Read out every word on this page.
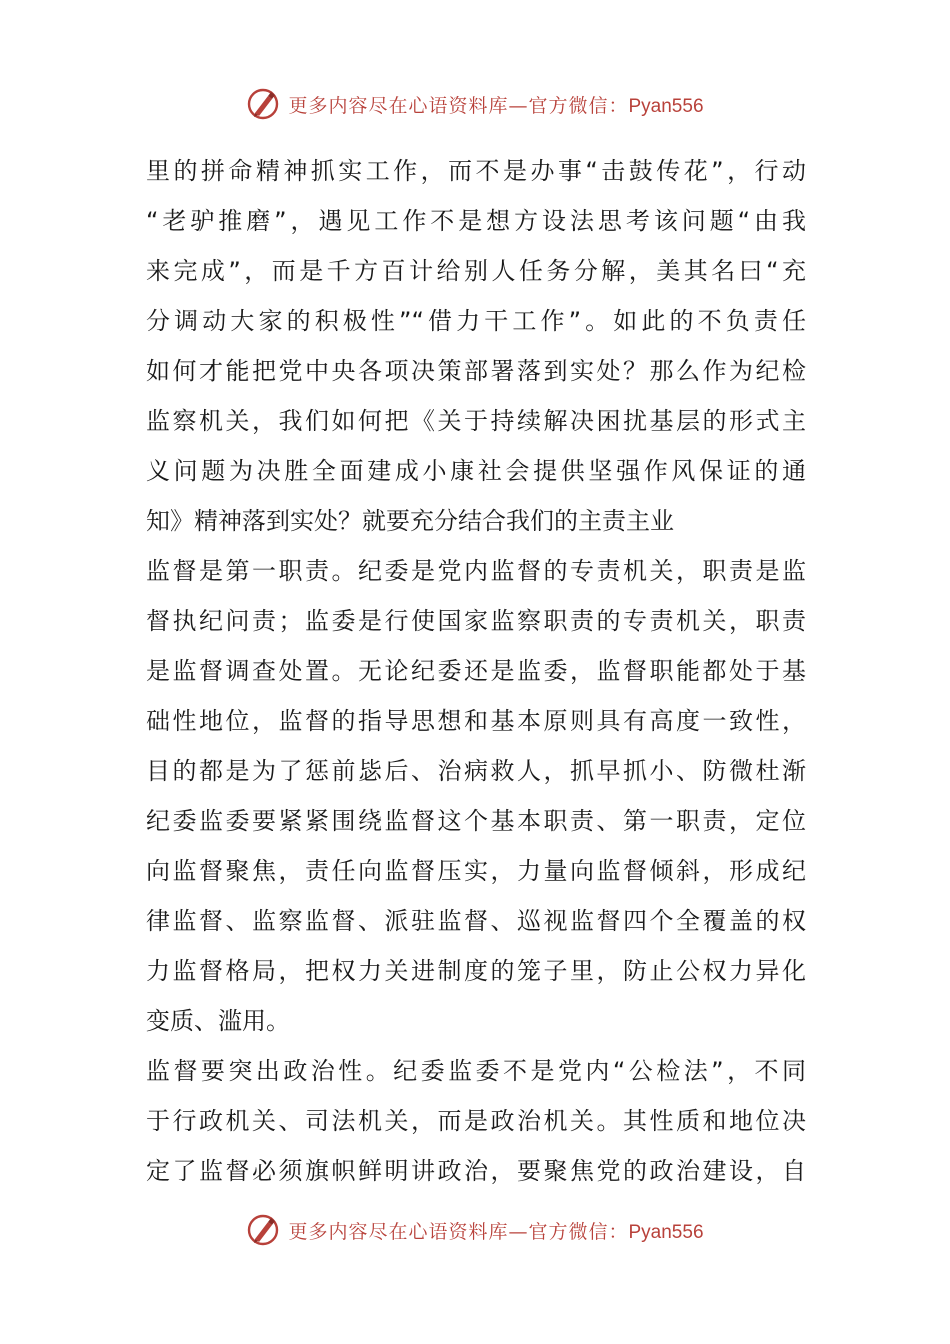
更多内容尽在心语资料库—官方微信：Pyan556
里的拼命精神抓实工作，而不是办事“击鼓传花”，行动
“老驴推磨”，遇见工作不是想方设法思考该问题“由我
来完成”，而是千方百计给别人任务分解，美其名曰“充
分调动大家的积极性”“借力干工作”。如此的不负责任
如何才能把党中央各项决策部署落到实处？那么作为纪检
监察机关，我们如何把《关于持续解决困扰基层的形式主
义问题为决胜全面建成小康社会提供坚强作风保证的通
知》精神落到实处？就要充分结合我们的主责主业
监督是第一职责。纪委是党内监督的专责机关，职责是监
督执纪问责；监委是行使国家监察职责的专责机关，职责
是监督调查处置。无论纪委还是监委，监督职能都处于基
础性地位，监督的指导思想和基本原则具有高度一致性，
目的都是为了惩前毖后、治病救人，抓早抓小、防微杜渐
纪委监委要紧紧围绕监督这个基本职责、第一职责，定位
向监督聚焦，责任向监督压实，力量向监督倾斜，形成纪
律监督、监察监督、派驻监督、巡视监督四个全覆盖的权
力监督格局，把权力关进制度的笼子里，防止公权力异化
变质、滥用。
监督要突出政治性。纪委监委不是党内“公检法”，不同
于行政机关、司法机关，而是政治机关。其性质和地位决
定了监督必须旗帜鲜明讲政治，要聚焦党的政治建设，自
更多内容尽在心语资料库—官方微信：Pyan556
